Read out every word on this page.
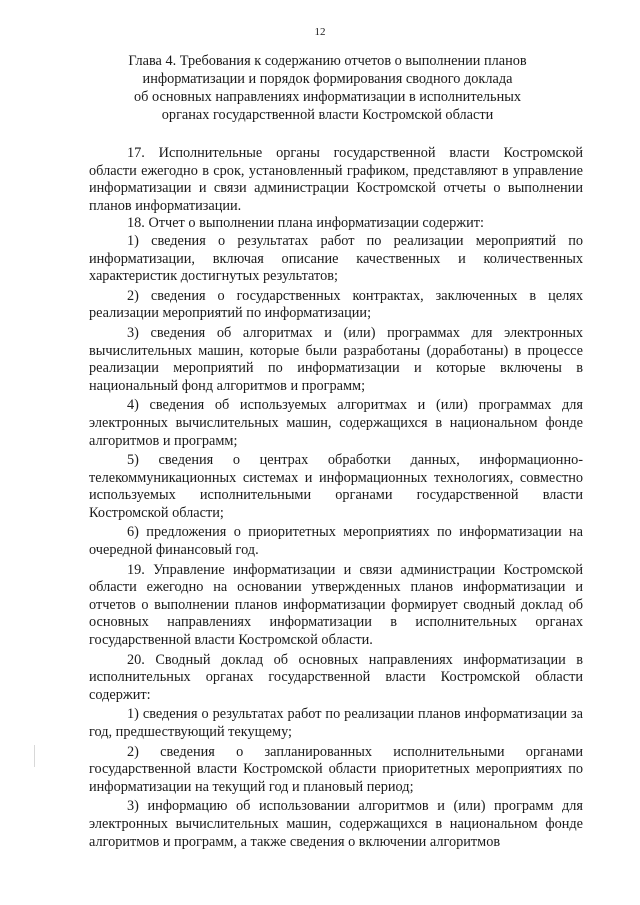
12
Глава 4. Требования к содержанию отчетов о выполнении планов
информатизации и порядок формирования сводного доклада
об основных направлениях информатизации в исполнительных
органах государственной власти Костромской области

17. Исполнительные органы государственной власти Костромской области ежегодно в срок, установленный графиком, представляют в управление информатизации и связи администрации Костромской отчеты о выполнении планов информатизации.

18. Отчет о выполнении плана информатизации содержит:

1) сведения о результатах работ по реализации мероприятий по информатизации, включая описание качественных и количественных характеристик достигнутых результатов;

2) сведения о государственных контрактах, заключенных в целях реализации мероприятий по информатизации;

3) сведения об алгоритмах и (или) программах для электронных вычислительных машин, которые были разработаны (доработаны) в процессе реализации мероприятий по информатизации и которые включены в национальный фонд алгоритмов и программ;

4) сведения об используемых алгоритмах и (или) программах для электронных вычислительных машин, содержащихся в национальном фонде алгоритмов и программ;

5) сведения о центрах обработки данных, информационно-телекоммуникационных системах и информационных технологиях, совместно используемых исполнительными органами государственной власти Костромской области;

6) предложения о приоритетных мероприятиях по информатизации на очередной финансовый год.

19. Управление информатизации и связи администрации Костромской области ежегодно на основании утвержденных планов информатизации и отчетов о выполнении планов информатизации формирует сводный доклад об основных направлениях информатизации в исполнительных органах государственной власти Костромской области.

20. Сводный доклад об основных направлениях информатизации в исполнительных органах государственной власти Костромской области содержит:

1) сведения о результатах работ по реализации планов информатизации за год, предшествующий текущему;

2) сведения о запланированных исполнительными органами государственной власти Костромской области приоритетных мероприятиях по информатизации на текущий год и плановый период;

3) информацию об использовании алгоритмов и (или) программ для электронных вычислительных машин, содержащихся в национальном фонде алгоритмов и программ, а также сведения о включении алгоритмов
